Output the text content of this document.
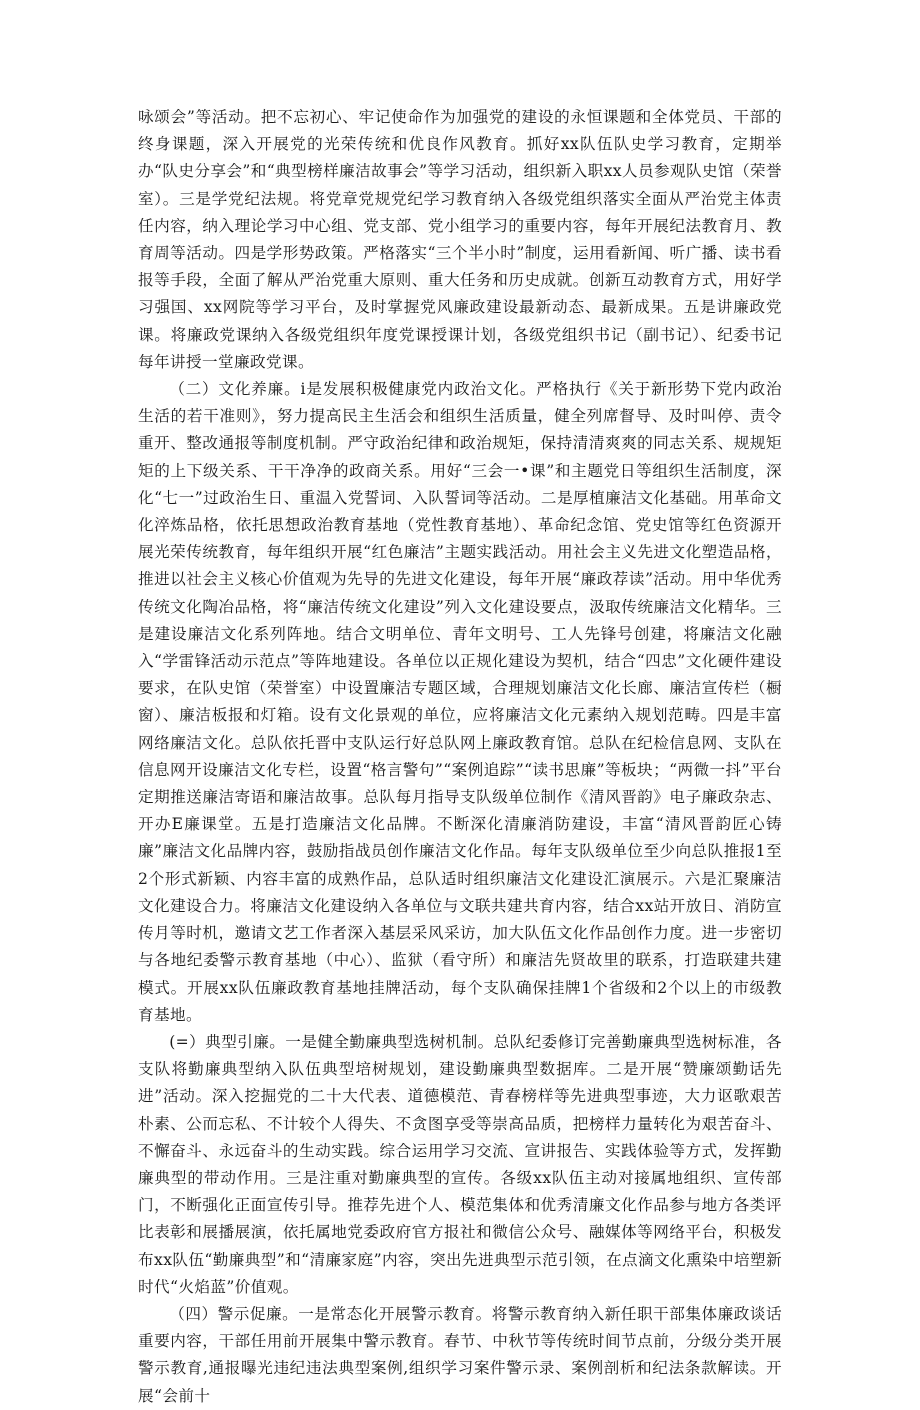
咏颂会”等活动。把不忘初心、牢记使命作为加强党的建设的永恒课题和全体党员、干部的终身课题，深入开展党的光荣传统和优良作风教育。抓好xx队伍队史学习教育，定期举办“队史分享会”和“典型榜样廉洁故事会”等学习活动，组织新入职xx人员参观队史馆（荣誉室）。三是学党纪法规。将党章党规党纪学习教育纳入各级党组织落实全面从严治党主体责任内容，纳入理论学习中心组、党支部、党小组学习的重要内容，每年开展纪法教育月、教育周等活动。四是学形势政策。严格落实“三个半小时”制度，运用看新闻、听广播、读书看报等手段，全面了解从严治党重大原则、重大任务和历史成就。创新互动教育方式，用好学习强国、xx网院等学习平台，及时掌握党风廉政建设最新动态、最新成果。五是讲廉政党课。将廉政党课纳入各级党组织年度党课授课计划，各级党组织书记（副书记）、纪委书记每年讲授一堂廉政党课。

（二）文化养廉。i是发展积极健康党内政治文化。严格执行《关于新形势下党内政治生活的若干准则》，努力提高民主生活会和组织生活质量，健全列席督导、及时叫停、责令重开、整改通报等制度机制。严守政治纪律和政治规矩，保持清清爽爽的同志关系、规规矩矩的上下级关系、干干净净的政商关系。用好“三会一•课”和主题党日等组织生活制度，深化“七一”过政治生日、重温入党誓词、入队誓词等活动。二是厚植廉洁文化基础。用革命文化淬炼品格，依托思想政治教育基地（党性教育基地）、革命纪念馆、党史馆等红色资源开展光荣传统教育，每年组织开展“红色廉洁”主题实践活动。用社会主义先进文化塑造品格，推进以社会主义核心价值观为先导的先进文化建设，每年开展“廉政荐读”活动。用中华优秀传统文化陶冶品格，将“廉洁传统文化建设”列入文化建设要点，汲取传统廉洁文化精华。三是建设廉洁文化系列阵地。结合文明单位、青年文明号、工人先锋号创建，将廉洁文化融入“学雷锋活动示范点”等阵地建设。各单位以正规化建设为契机，结合“四忠”文化硬件建设要求，在队史馆（荣誉室）中设置廉洁专题区域，合理规划廉洁文化长廊、廉洁宣传栏（橱窗）、廉洁板报和灯箱。设有文化景观的单位，应将廉洁文化元素纳入规划范畴。四是丰富网络廉洁文化。总队依托晋中支队运行好总队网上廉政教育馆。总队在纪检信息网、支队在信息网开设廉洁文化专栏，设置“格言警句”“案例追踪”“读书思廉”等板块；“两微一抖”平台定期推送廉洁寄语和廉洁故事。总队每月指导支队级单位制作《清风晋韵》电子廉政杂志、开办E廉课堂。五是打造廉洁文化品牌。不断深化清廉消防建设，丰富“清风晋韵匠心铸廉”廉洁文化品牌内容，鼓励指战员创作廉洁文化作品。每年支队级单位至少向总队推报1至2个形式新颖、内容丰富的成熟作品，总队适时组织廉洁文化建设汇演展示。六是汇聚廉洁文化建设合力。将廉洁文化建设纳入各单位与文联共建共育内容，结合xx站开放日、消防宣传月等时机，邀请文艺工作者深入基层采风采访，加大队伍文化作品创作力度。进一步密切与各地纪委警示教育基地（中心）、监狱（看守所）和廉洁先贤故里的联系，打造联建共建模式。开展xx队伍廉政教育基地挂牌活动，每个支队确保挂牌1个省级和2个以上的市级教育基地。

(=）典型引廉。一是健全勤廉典型选树机制。总队纪委修订完善勤廉典型选树标准，各支队将勤廉典型纳入队伍典型培树规划，建设勤廉典型数据库。二是开展“赞廉颂勤话先进”活动。深入挖掘党的二十大代表、道德模范、青春榜样等先进典型事迹，大力讴歌艰苦朴素、公而忘私、不计较个人得失、不贪图享受等崇高品质，把榜样力量转化为艰苦奋斗、不懈奋斗、永远奋斗的生动实践。综合运用学习交流、宣讲报告、实践体验等方式，发挥勤廉典型的带动作用。三是注重对勤廉典型的宣传。各级xx队伍主动对接属地组织、宣传部门，不断强化正面宣传引导。推荐先进个人、模范集体和优秀清廉文化作品参与地方各类评比表彰和展播展演，依托属地党委政府官方报社和微信公众号、融媒体等网络平台，积极发布xx队伍“勤廉典型”和“清廉家庭”内容，突出先进典型示范引领，在点滴文化熏染中培塑新时代“火焰蓝”价值观。

（四）警示促廉。一是常态化开展警示教育。将警示教育纳入新任职干部集体廉政谈话重要内容，干部任用前开展集中警示教育。春节、中秋节等传统时间节点前，分级分类开展警示教育,通报曝光违纪违法典型案例,组织学习案件警示录、案例剖析和纪法条款解读。开展“会前十
